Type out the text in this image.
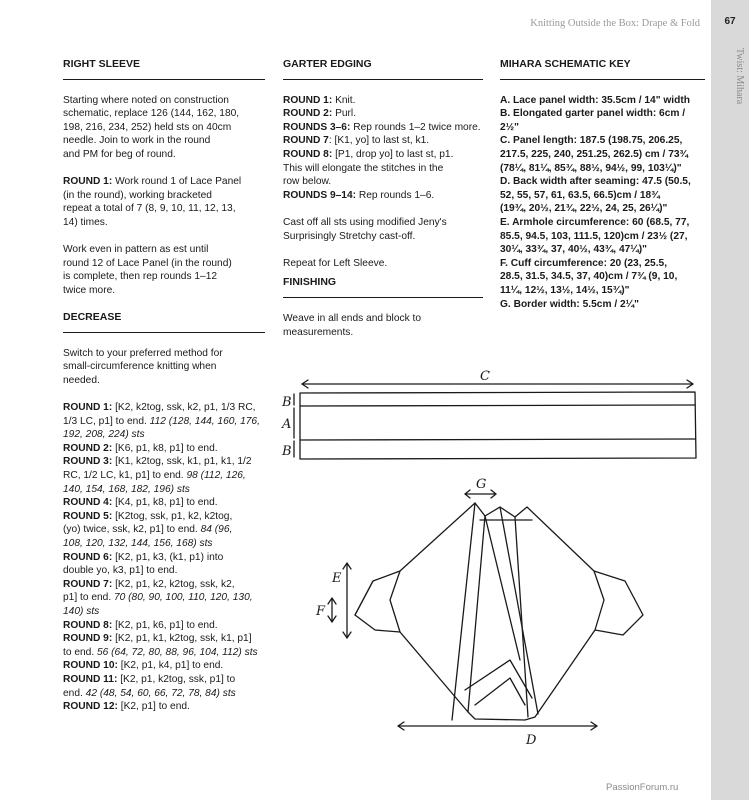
Knitting Outside the Box: Drape & Fold	67
Twist: Mihara
RIGHT SLEEVE

Starting where noted on construction
schematic, replace 126 (144, 162, 180,
198, 216, 234, 252) held sts on 40cm
needle. Join to work in the round
and PM for beg of round.

ROUND 1: Work round 1 of Lace Panel
(in the round), working bracketed
repeat a total of 7 (8, 9, 10, 11, 12, 13,
14) times.

Work even in pattern as est until
round 12 of Lace Panel (in the round)
is complete, then rep rounds 1–12
twice more.

DECREASE

Switch to your preferred method for
small-circumference knitting when
needed.

ROUND 1: [K2, k2tog, ssk, k2, p1, 1/3 RC,
1/3 LC, p1] to end. 112 (128, 144, 160, 176,
192, 208, 224) sts
ROUND 2: [K6, p1, k8, p1] to end.
ROUND 3: [K1, k2tog, ssk, k1, p1, k1, 1/2
RC, 1/2 LC, k1, p1] to end. 98 (112, 126,
140, 154, 168, 182, 196) sts
ROUND 4: [K4, p1, k8, p1] to end.
ROUND 5: [K2tog, ssk, p1, k2, k2tog,
(yo) twice, ssk, k2, p1] to end. 84 (96,
108, 120, 132, 144, 156, 168) sts
ROUND 6: [K2, p1, k3, (k1, p1) into
double yo, k3, p1] to end.
ROUND 7: [K2, p1, k2, k2tog, ssk, k2,
p1] to end. 70 (80, 90, 100, 110, 120, 130,
140) sts
ROUND 8: [K2, p1, k6, p1] to end.
ROUND 9: [K2, p1, k1, k2tog, ssk, k1, p1]
to end. 56 (64, 72, 80, 88, 96, 104, 112) sts
ROUND 10: [K2, p1, k4, p1] to end.
ROUND 11: [K2, p1, k2tog, ssk, p1] to
end. 42 (48, 54, 60, 66, 72, 78, 84) sts
ROUND 12: [K2, p1] to end.
GARTER EDGING

ROUND 1: Knit.
ROUND 2: Purl.
ROUNDS 3–6: Rep rounds 1–2 twice more.
ROUND 7: [K1, yo] to last st, k1.
ROUND 8: [P1, drop yo] to last st, p1.
This will elongate the stitches in the
row below.
ROUNDS 9–14: Rep rounds 1–6.

Cast off all sts using modified Jeny's
Surprisingly Stretchy cast-off.

Repeat for Left Sleeve.

FINISHING

Weave in all ends and block to
measurements.

MIHARA SCHEMATIC KEY
A. Lace panel width: 35.5cm / 14" width
B. Elongated garter panel width: 6cm / 2½"
C. Panel length: 187.5 (198.75, 206.25,
217.5, 225, 240, 251.25, 262.5) cm / 73¾
(78¼, 81¼, 85¾, 88½, 94½, 99, 103¼)"
D. Back width after seaming: 47.5 (50.5,
52, 55, 57, 61, 63.5, 66.5)cm / 18¾
(19¾, 20½, 21¾, 22½, 24, 25, 26¼)"
E. Armhole circumference: 60 (68.5, 77,
85.5, 94.5, 103, 111.5, 120)cm / 23½ (27,
30¼, 33¾, 37, 40½, 43¾, 47¼)"
F. Cuff circumference: 20 (23, 25.5,
28.5, 31.5, 34.5, 37, 40)cm / 7¾ (9, 10,
11¼, 12½, 13½, 14½, 15¾)"
G. Border width: 5.5cm / 2¼"
C
B
A
B
G
E
F
D
PassionForum.ru
